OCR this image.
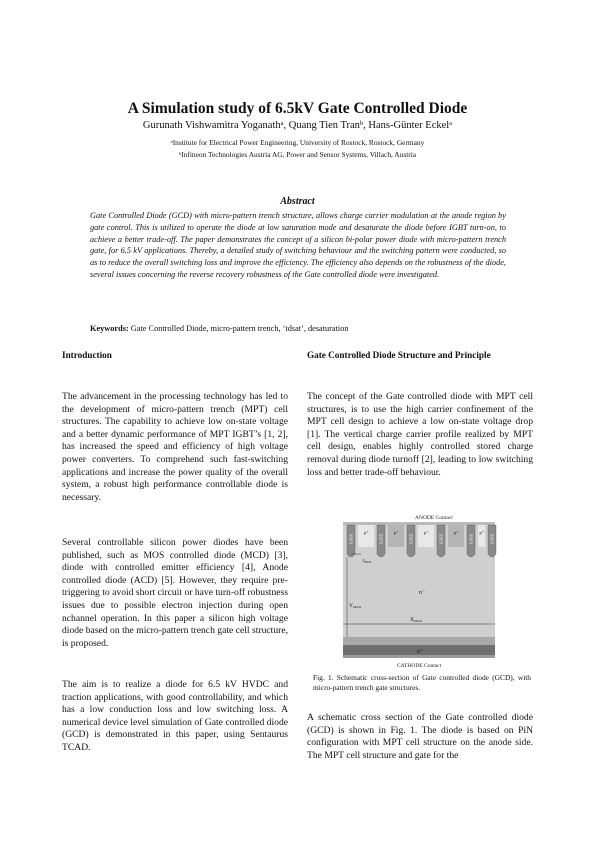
A Simulation study of 6.5kV Gate Controlled Diode
Gurunath Vishwamitra Yoganathᵃ, Quang Tien Tranᵇ, Hans-Günter Eckelᵃ
ᵃInstitute for Electrical Power Engineering, University of Rostock, Rostock, Germany
ᵇInfineon Technologies Austria AG, Power and Sensor Systems, Villach, Austria
Abstract
Gate Controlled Diode (GCD) with micro-pattern trench structure, allows charge carrier modulation at the anode region by gate control. This is utilized to operate the diode at low saturation mode and desaturate the diode before IGBT turn-on, to achieve a better trade-off. The paper demonstrates the concept of a silicon bi-polar power diode with micro-pattern trench gate, for 6.5 kV applications. Thereby, a detailed study of switching behaviour and the switching pattern were conducted, so as to reduce the overall switching loss and improve the efficiency. The efficiency also depends on the robustness of the diode, several issues concerning the reverse recovery robustness of the Gate controlled diode were investigated.
Keywords: Gate Controlled Diode, micro-pattern trench, ‘tdsat’, desaturation
Introduction	Gate Controlled Diode Structure and Principle
The advancement in the processing technology has led to the development of micro-pattern trench (MPT) cell structures. The capability to achieve low on-state voltage and a better dynamic performance of MPT IGBT’s [1, 2], has increased the speed and efficiency of high voltage power converters. To comprehend such fast-switching applications and increase the power quality of the overall system, a robust high performance controllable diode is necessary.
Several controllable silicon power diodes have been published, such as MOS controlled diode (MCD) [3], diode with controlled emitter efficiency [4], Anode controlled diode (ACD) [5]. However, they require pre-triggering to avoid short circuit or have turn-off robustness issues due to possible electron injection during open nchannel operation. In this paper a silicon high voltage diode based on the micro-pattern trench gate cell structure, is proposed.
The aim is to realize a diode for 6.5 kV HVDC and traction applications, with good controllability, and which has a low conduction loss and low switching loss. A numerical device level simulation of Gate controlled diode (GCD) is demonstrated in this paper, using Sentaurus TCAD.
The concept of the Gate controlled diode with MPT cell structures, is to use the high carrier confinement of the MPT cell design to achieve a low on-state voltage drop [1]. The vertical charge carrier profile realized by MPT cell design, enables highly controlled stored charge removal during diode turnoff [2], leading to low switching loss and better trade-off behaviour.
A schematic cross section of the Gate controlled diode (GCD) is shown in Fig. 1. The diode is based on PiN configuration with MPT cell structure on the anode side. The MPT cell structure and gate for the
ANODE Contact
GATE
p⁺
GATE
p⁺
GATE
p⁺
GATE
p⁺
GATE
p⁺
GATE
n⁺
CATHODE Contact
n⁻
YMAX
XMAX
$t_{MOS}$
Fig. 1. Schematic cross-section of Gate controlled diode (GCD), with micro-pattern trench gate structures.
